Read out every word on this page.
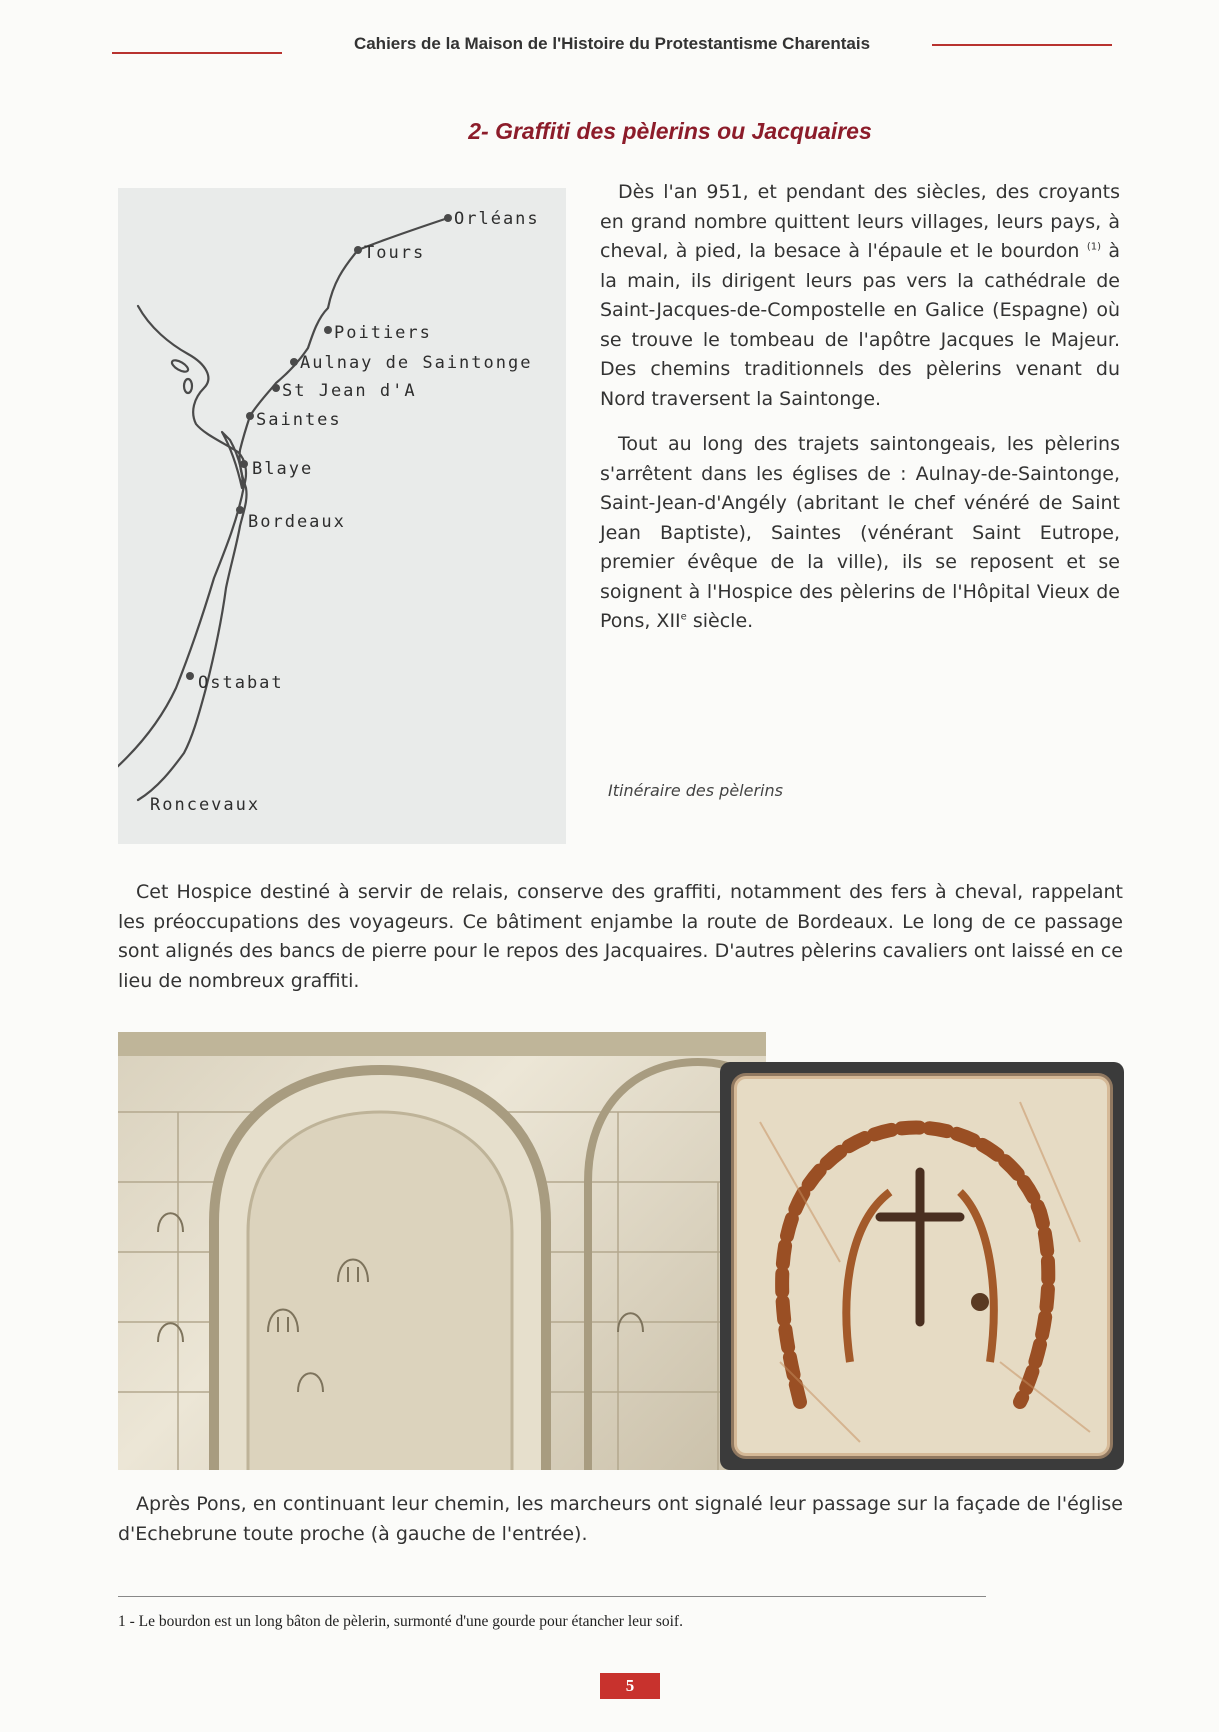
Cahiers de la Maison de l'Histoire du Protestantisme Charentais
2- Graffiti des pèlerins ou Jacquaires
Orléans
Tours
Poitiers
Aulnay de Saintonge
St Jean d'A
Saintes
Blaye
Bordeaux
Ostabat
Roncevaux

Dès l'an 951, et pendant des siècles, des croyants en grand nombre quittent leurs villages, leurs pays, à cheval, à pied, la besace à l'épaule et le bourdon $^{(1)}$ à la main, ils dirigent leurs pas vers la cathédrale de Saint-Jacques-de-Compostelle en Galice (Espagne) où se trouve le tombeau de l'apôtre Jacques le Majeur. Des chemins traditionnels des pèlerins venant du Nord traversent la Saintonge.

Tout au long des trajets saintongeais, les pèlerins s'arrêtent dans les églises de : Aulnay-de-Saintonge, Saint-Jean-d'Angély (abritant le chef vénéré de Saint Jean Baptiste), Saintes (vénérant Saint Eutrope, premier évêque de la ville), ils se reposent et se soignent à l'Hospice des pèlerins de l'Hôpital Vieux de Pons, XIIe siècle.

Itinéraire des pèlerins

Cet Hospice destiné à servir de relais, conserve des graffiti, notamment des fers à cheval, rappelant les préoccupations des voyageurs. Ce bâtiment enjambe la route de Bordeaux. Le long de ce passage sont alignés des bancs de pierre pour le repos des Jacquaires. D'autres pèlerins cavaliers ont laissé en ce lieu de nombreux graffiti.

Après Pons, en continuant leur chemin, les marcheurs ont signalé leur passage sur la façade de l'église d'Echebrune toute proche (à gauche de l'entrée).

1 - Le bourdon est un long bâton de pèlerin, surmonté d'une gourde pour étancher leur soif.
5
